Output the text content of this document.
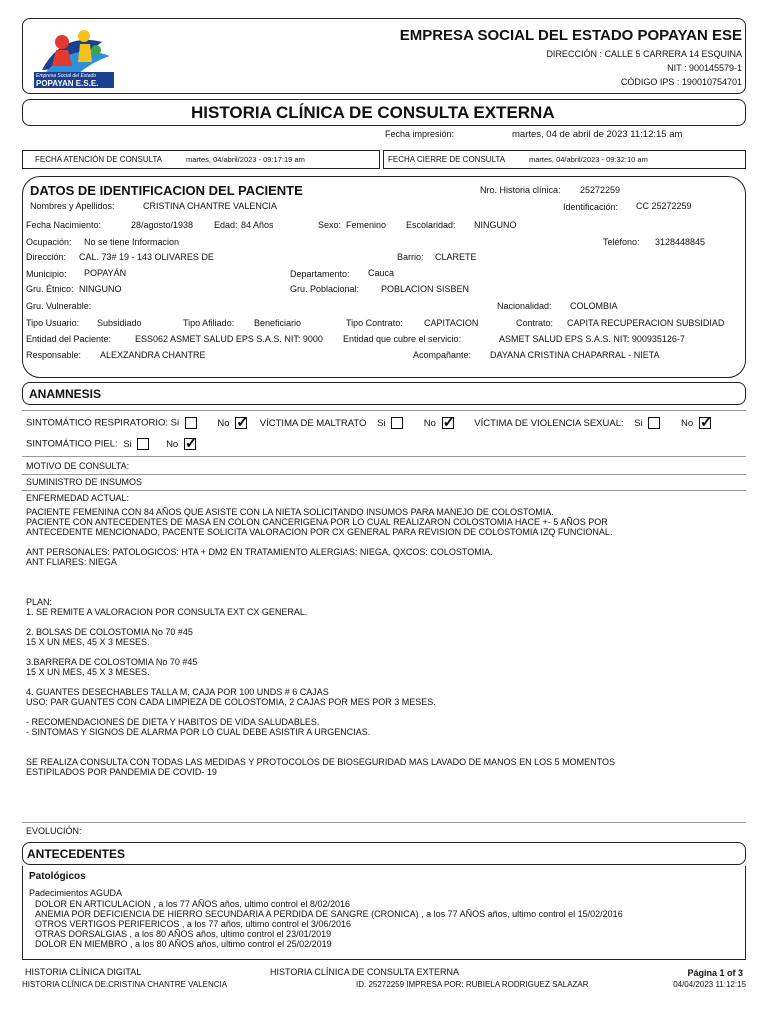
Empresa Social del Estado
POPAYAN E.S.E.
EMPRESA SOCIAL DEL ESTADO POPAYAN ESE
DIRECCIÓN : CALLE 5 CARRERA 14 ESQUINA
NIT : 900145579-1
CÓDIGO IPS : 190010754701
HISTORIA CLÍNICA DE CONSULTA EXTERNA
Fecha impresión:	martes, 04 de abril de 2023 11:12:15 am
FECHA ATENCIÓN DE CONSULTA	martes, 04/abril/2023 - 09:17:19 am	FECHA CIERRE DE CONSULTA	martes, 04/abril/2023 - 09:32:10 am
DATOS DE IDENTIFICACION DEL PACIENTE	Nro. Historia clínica: 25272259
Nombres y Apellidos:	CRISTINA CHANTRE VALENCIA	Identificación: CC 25272259
Fecha Nacimiento:	28/agosto/1938 Edad: 84 Años	Sexo: Femenino Escolaridad: NINGUNO
Ocupación: No se tiene Informacion	Teléfono: 3128448845
Dirección: CAL. 73# 19 - 143 OLIVARES DE	Barrio: CLARETE
Municipio: POPAYÁN	Departamento: Cauca
Gru. Étnico: NINGUNO	Gru. Poblacional: POBLACION SISBEN
Gru. Vulnerable:	Nacionalidad: COLOMBIA
Tipo Usuario: Subsidiado	Tipo Afiliado: Beneficiario	Tipo Contrato: CAPITACION	Contrato: CAPITA RECUPERACION SUBSIDIAD
Entidad del Paciente:	ESS062 ASMET SALUD EPS S.A.S. NIT: 9000 Entidad que cubre el servicio:	ASMET SALUD EPS S.A.S. NIT: 900935126-7
Responsable: ALEXZANDRA CHANTRE	Acompañante: DAYANA CRISTINA CHAPARRAL - NIETA
ANAMNESIS
SINTOMÁTICO RESPIRATORIO: Si	No ✓	VÍCTIMA DE MALTRATO Si	No ✓	VÍCTIMA DE VIOLENCIA SEXUAL: Si	No ✓
SINTOMÁTICO PIEL: Si	No ✓
MOTIVO DE CONSULTA:
SUMINISTRO DE INSUMOS
ENFERMEDAD ACTUAL:
PACIENTE FEMENINA CON 84 AÑOS QUE ASISTE CON LA NIETA SOLICITANDO INSUMOS PARA MANEJO DE COLOSTOMIA.
PACIENTE CON ANTECEDENTES DE MASA EN COLON CANCERIGENA POR LO CUAL REALIZARON COLOSTOMIA HACE +- 5 AÑOS POR
ANTECEDENTE MENCIONADO, PACENTE SOLICITA VALORACION POR CX GENERAL PARA REVISION DE COLOSTOMIA IZQ FUNCIONAL.
ANT PERSONALES: PATOLOGICOS: HTA + DM2 EN TRATAMIENTO ALERGIAS: NIEGA, QXCOS: COLOSTOMIA.
ANT FLIARES: NIEGA
PLAN:
1. SE REMITE A VALORACION POR CONSULTA EXT CX GENERAL.
2. BOLSAS DE COLOSTOMIA No 70 #45
15 X UN MES, 45 X 3 MESES.
3.BARRERA DE COLOSTOMIA No 70 #45
15 X UN MES, 45 X 3 MESES.
4. GUANTES DESECHABLES TALLA M, CAJA POR 100 UNDS # 6 CAJAS
USO: PAR GUANTES CON CADA LIMPIEZA DE COLOSTOMIA, 2 CAJAS POR MES POR 3 MESES.
- RECOMENDACIONES DE DIETA Y HABITOS DE VIDA SALUDABLES.
- SINTOMAS Y SIGNOS DE ALARMA POR LO CUAL DEBE ASISTIR A URGENCIAS.
SE REALIZA CONSULTA CON TODAS LAS MEDIDAS Y PROTOCOLOS DE BIOSEGURIDAD MAS LAVADO DE MANOS EN LOS 5 MOMENTOS
ESTIPILADOS POR PANDEMIA DE COVID- 19
EVOLUCIÓN:
ANTECEDENTES
Patológicos
Padecimientos AGUDA
DOLOR EN ARTICULACION , a los 77 AÑOS años, ultimo control el 8/02/2016
ANEMIA POR DEFICIENCIA DE HIERRO SECUNDARIA A PERDIDA DE SANGRE (CRONICA) , a los 77 AÑOS años, ultimo control el 15/02/2016
OTROS VERTIGOS PERIFERICOS , a los 77 años, ultimo control el 3/06/2016
OTRAS DORSALGIAS , a los 80 AÑOS años, ultimo control el 23/01/2019
DOLOR EN MIEMBRO , a los 80 AÑOS años, ultimo control el 25/02/2019
HISTORIA CLÍNICA DIGITAL	HISTORIA CLÍNICA DE CONSULTA EXTERNA	Página 1 of 3
HISTORIA CLÍNICA DE:CRISTINA CHANTRE VALENCIA	ID. 25272259 IMPRESA POR: RUBIELA RODRIGUEZ SALAZAR	04/04/2023 11:12:15
